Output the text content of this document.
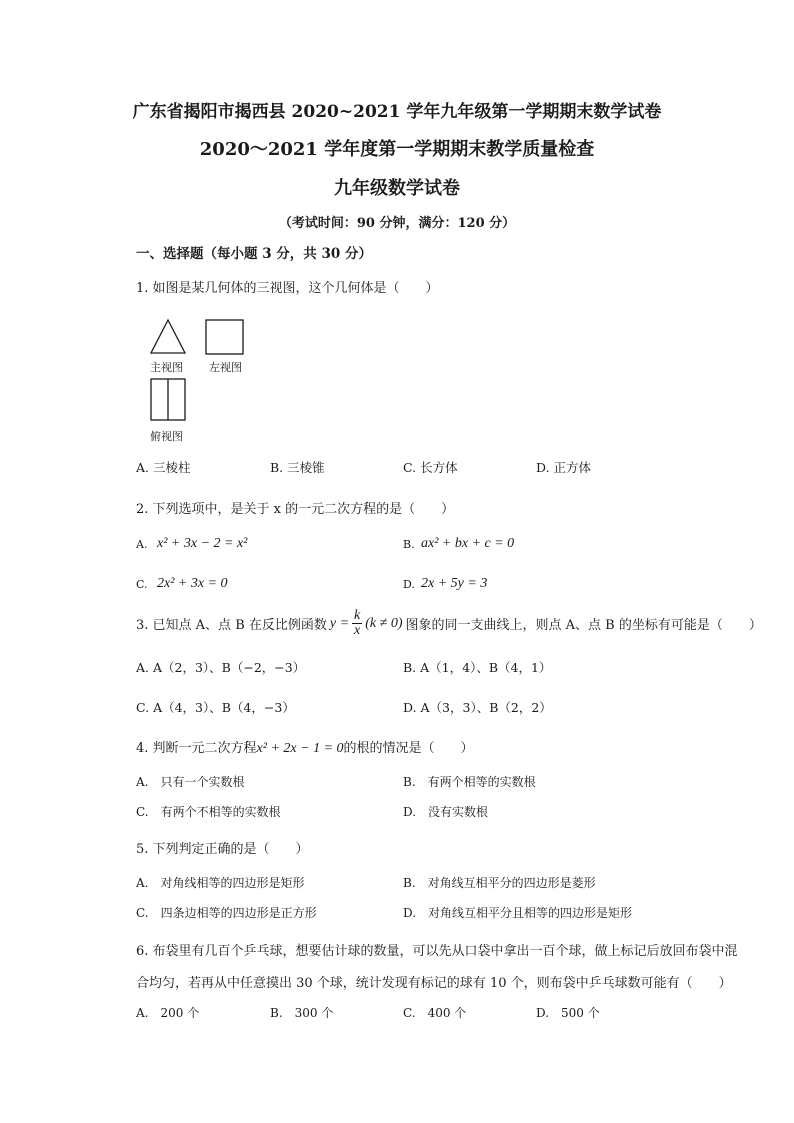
广东省揭阳市揭西县 2020~2021 学年九年级第一学期期末数学试卷
2020～2021 学年度第一学期期末教学质量检查
九年级数学试卷
（考试时间：90 分钟，满分：120 分）
一、选择题（每小题 3 分，共 30 分）
1. 如图是某几何体的三视图，这个几何体是（　　）
主视图 左视图
俯视图
A. 三棱柱	B. 三棱锥	C. 长方体	D. 正方体
2. 下列选项中，是关于 x 的一元二次方程的是（　　）
A. x² + 3x − 2 = x²	B. ax² + bx + c = 0
C. 2x² + 3x = 0	D. 2x + 5y = 3
3. 已知点 A、点 B 在反比例函数 $y = \frac{k}{x} (k \ne 0)$ 图象的同一支曲线上，则点 A、点 B 的坐标有可能是（　　）
A. A（2，3）、B（−2，−3）	B. A（1，4）、B（4，1）
C. A（4，3）、B（4，−3）	D. A（3，3）、B（2，2）
4. 判断一元二次方程x² + 2x − 1 = 0的根的情况是（　　）
A.　只有一个实数根	B.　有两个相等的实数根
C.　有两个不相等的实数根	D.　没有实数根
5. 下列判定正确的是（　　）
A.　对角线相等的四边形是矩形	B.　对角线互相平分的四边形是菱形
C.　四条边相等的四边形是正方形	D.　对角线互相平分且相等的四边形是矩形
6. 布袋里有几百个乒乓球，想要估计球的数量，可以先从口袋中拿出一百个球，做上标记后放回布袋中混
合均匀，若再从中任意摸出 30 个球，统计发现有标记的球有 10 个，则布袋中乒乓球数可能有（　　）
A.　200 个	B.　300 个	C.　400 个	D.　500 个
